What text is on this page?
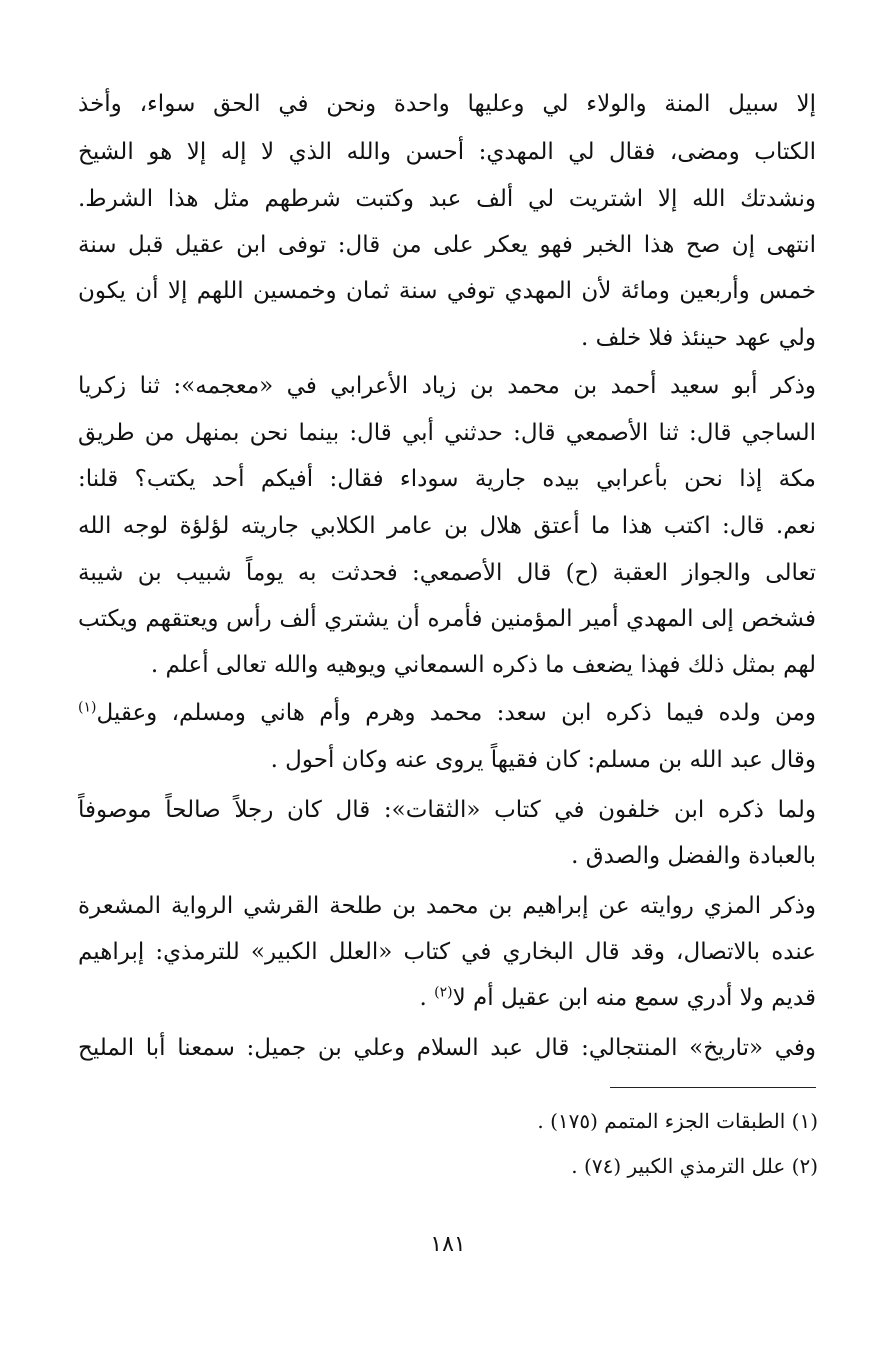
إلا سبيل المنة والولاء لي وعليها واحدة ونحن في الحق سواء، وأخذ
الكتاب ومضى، فقال لي المهدي: أحسن والله الذي لا إله إلا هو الشيخ
ونشدتك الله إلا اشتريت لي ألف عبد وكتبت شرطهم مثل هذا الشرط.
انتهى إن صح هذا الخبر فهو يعكر على من قال: توفى ابن عقيل قبل سنة
خمس وأربعين ومائة لأن المهدي توفي سنة ثمان وخمسين اللهم إلا أن يكون
ولي عهد حينئذ فلا خلف .
وذكر أبو سعيد أحمد بن محمد بن زياد الأعرابي في «معجمه»: ثنا زكريا
الساجي قال: ثنا الأصمعي قال: حدثني أبي قال: بينما نحن بمنهل من طريق
مكة إذا نحن بأعرابي بيده جارية سوداء فقال: أفيكم أحد يكتب؟ قلنا:
نعم. قال: اكتب هذا ما أعتق هلال بن عامر الكلابي جاريته لؤلؤة لوجه الله
تعالى والجواز العقبة (ح) قال الأصمعي: فحدثت به يوماً شبيب بن شيبة
فشخص إلى المهدي أمير المؤمنين فأمره أن يشتري ألف رأس ويعتقهم ويكتب
لهم بمثل ذلك فهذا يضعف ما ذكره السمعاني ويوهيه والله تعالى أعلم .
ومن ولده فيما ذكره ابن سعد: محمد وهرم وأم هاني ومسلم، وعقيل$^{(١)}$
وقال عبد الله بن مسلم: كان فقيهاً يروى عنه وكان أحول .
ولما ذكره ابن خلفون في كتاب «الثقات»: قال كان رجلاً صالحاً موصوفاً
بالعبادة والفضل والصدق .
وذكر المزي روايته عن إبراهيم بن محمد بن طلحة القرشي الرواية المشعرة
عنده بالاتصال، وقد قال البخاري في كتاب «العلل الكبير» للترمذي: إبراهيم
قديم ولا أدري سمع منه ابن عقيل أم لا$^{(٢)}$ .
وفي «تاريخ» المنتجالي: قال عبد السلام وعلي بن جميل: سمعنا أبا المليح
(١) الطبقات الجزء المتمم (١٧٥) .
(٢) علل الترمذي الكبير (٧٤) .
١٨١
